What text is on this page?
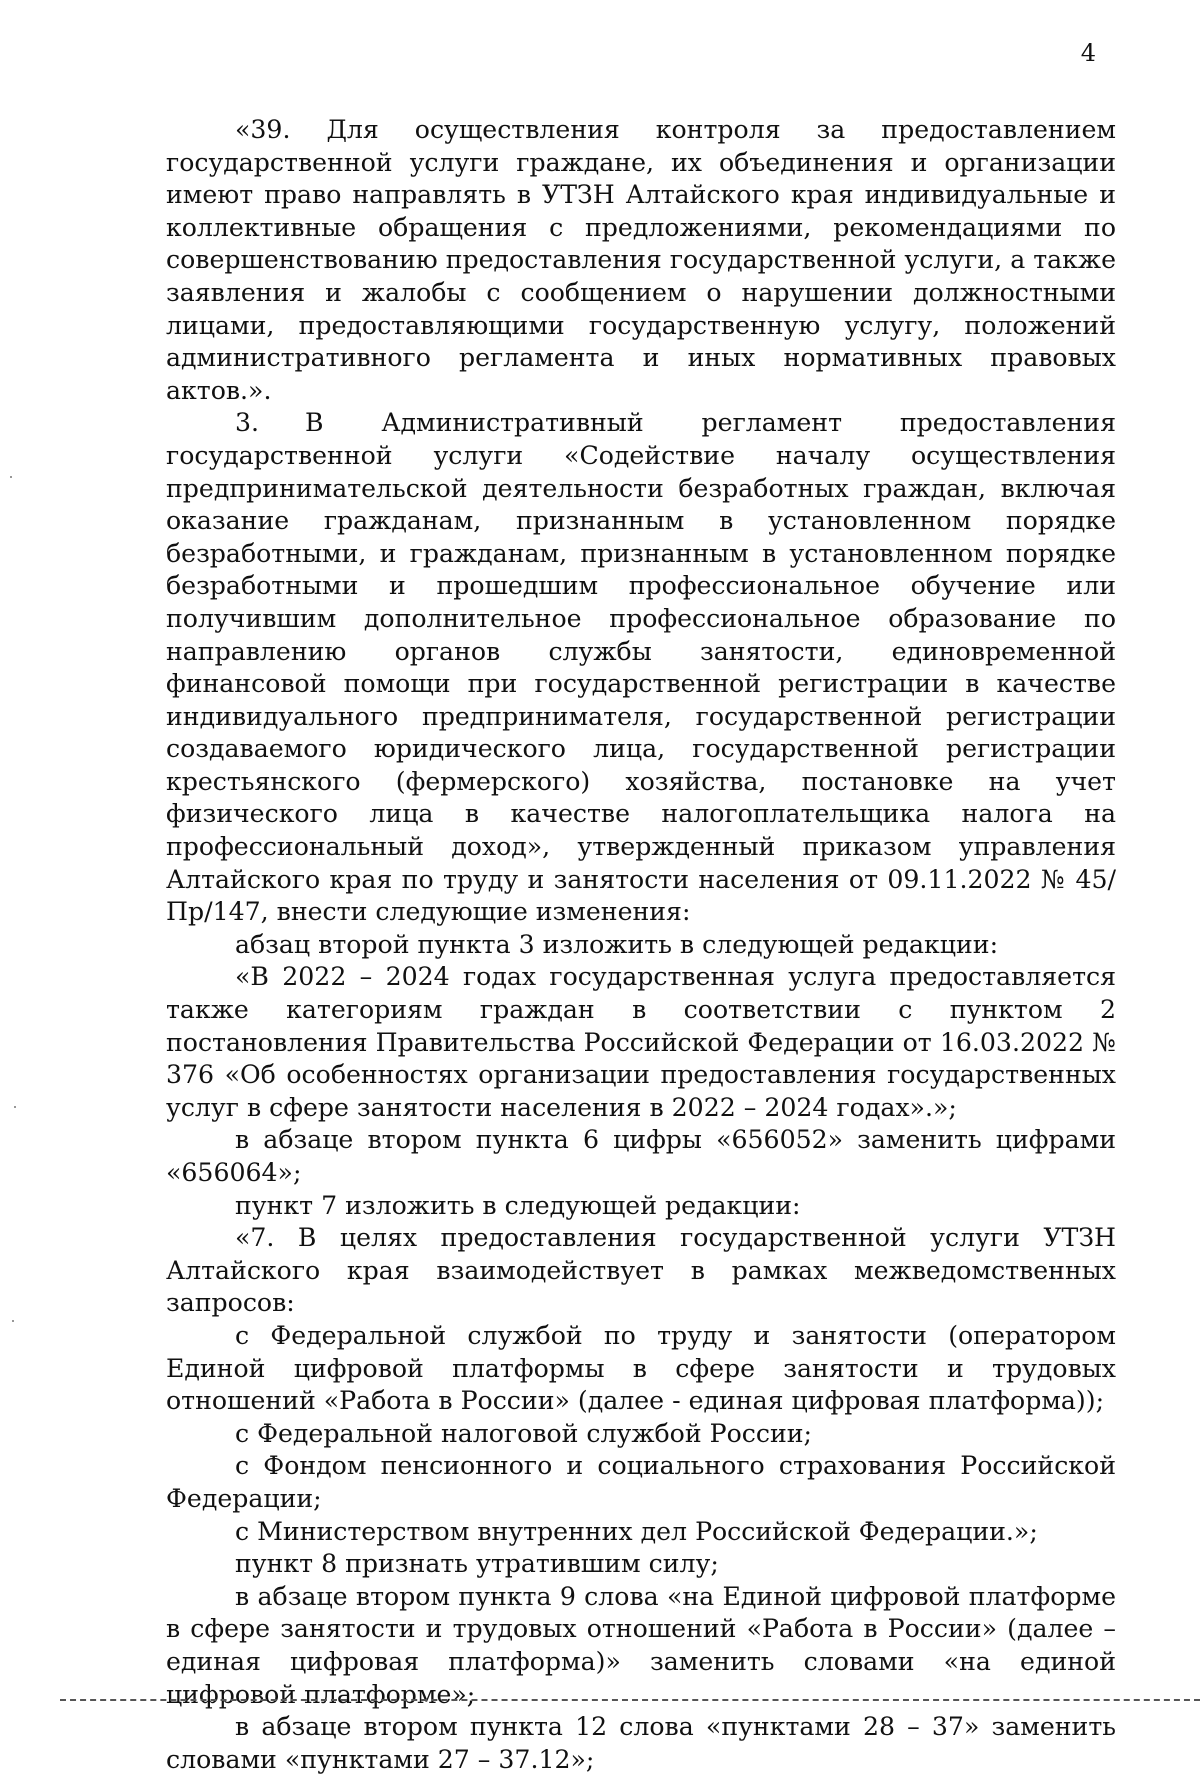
4

«39. Для осуществления контроля за предоставлением государственной услуги граждане, их объединения и организации имеют право направлять в УТЗН Алтайского края индивидуальные и коллективные обращения с предложениями, рекомендациями по совершенствованию предоставления государственной услуги, а также заявления и жалобы с сообщением о нарушении должностными лицами, предоставляющими государственную услугу, положений административного регламента и иных нормативных правовых актов.».

3. В Административный регламент предоставления государственной услуги «Содействие началу осуществления предпринимательской деятельности безработных граждан, включая оказание гражданам, признанным в установленном порядке безработными, и гражданам, признанным в установленном порядке безработными и прошедшим профессиональное обучение или получившим дополнительное профессиональное образование по направлению органов службы занятости, единовременной финансовой помощи при государственной регистрации в качестве индивидуального предпринимателя, государственной регистрации создаваемого юридического лица, государственной регистрации крестьянского (фермерского) хозяйства, постановке на учет физического лица в качестве налогоплательщика налога на профессиональный доход», утвержденный приказом управления Алтайского края по труду и занятости населения от 09.11.2022 № 45/Пр/147, внести следующие изменения:

абзац второй пункта 3 изложить в следующей редакции:

«В 2022 – 2024 годах государственная услуга предоставляется также категориям граждан в соответствии с пунктом 2 постановления Правительства Российской Федерации от 16.03.2022 № 376 «Об особенностях организации предоставления государственных услуг в сфере занятости населения в 2022 – 2024 годах».»;

в абзаце втором пункта 6 цифры «656052» заменить цифрами «656064»;

пункт 7 изложить в следующей редакции:

«7. В целях предоставления государственной услуги УТЗН Алтайского края взаимодействует в рамках межведомственных запросов:

с Федеральной службой по труду и занятости (оператором Единой цифровой платформы в сфере занятости и трудовых отношений «Работа в России» (далее - единая цифровая платформа));

с Федеральной налоговой службой России;

с Фондом пенсионного и социального страхования Российской Федерации;

с Министерством внутренних дел Российской Федерации.»;

пункт 8 признать утратившим силу;

в абзаце втором пункта 9 слова «на Единой цифровой платформе в сфере занятости и трудовых отношений «Работа в России» (далее – единая цифровая платформа)» заменить словами «на единой цифровой платформе»;

в абзаце втором пункта 12 слова «пунктами 28 – 37» заменить словами «пунктами 27 – 37.12»;
